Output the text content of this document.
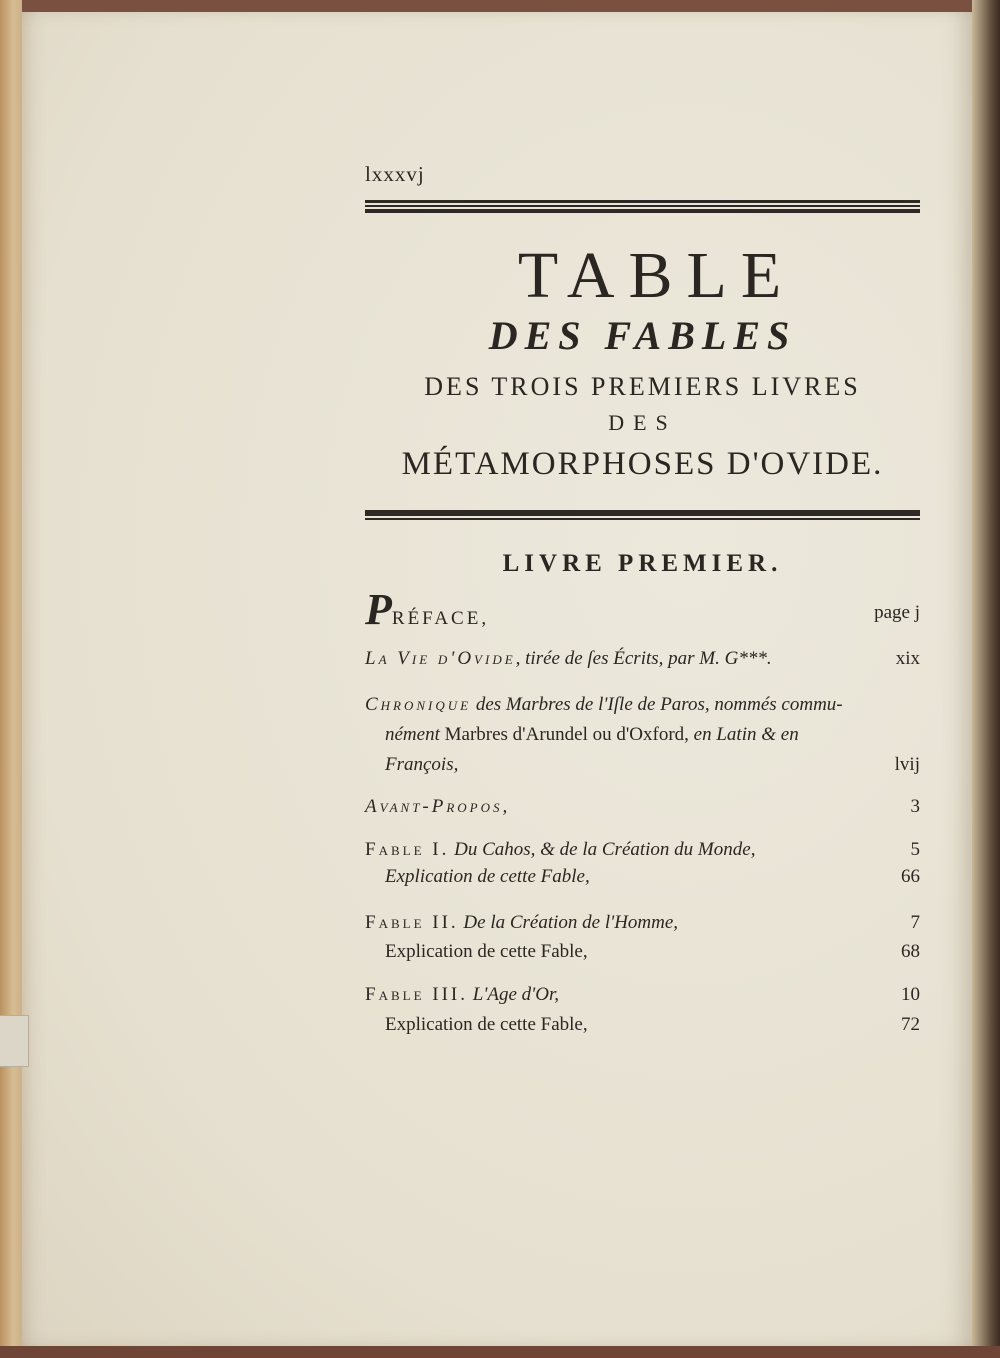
lxxxvj
TABLE
DES FABLES
DES TROIS PREMIERS LIVRES
DES
MÉTAMORPHOSES D'OVIDE.
LIVRE PREMIER.
PRÉFACE,	page j
La Vie d'Ovide, tirée de ſes Écrits, par M. G***.	xix
Chronique des Marbres de l'Iſle de Paros, nommés commu-
nément Marbres d'Arundel ou d'Oxford, en Latin & en
François,	lvij
Avant-Propos,	3
Fable I. Du Cahos, & de la Création du Monde,	5
Explication de cette Fable,	66
Fable II. De la Création de l'Homme,	7
Explication de cette Fable,	68
Fable III. L'Age d'Or,	10
Explication de cette Fable,	72
